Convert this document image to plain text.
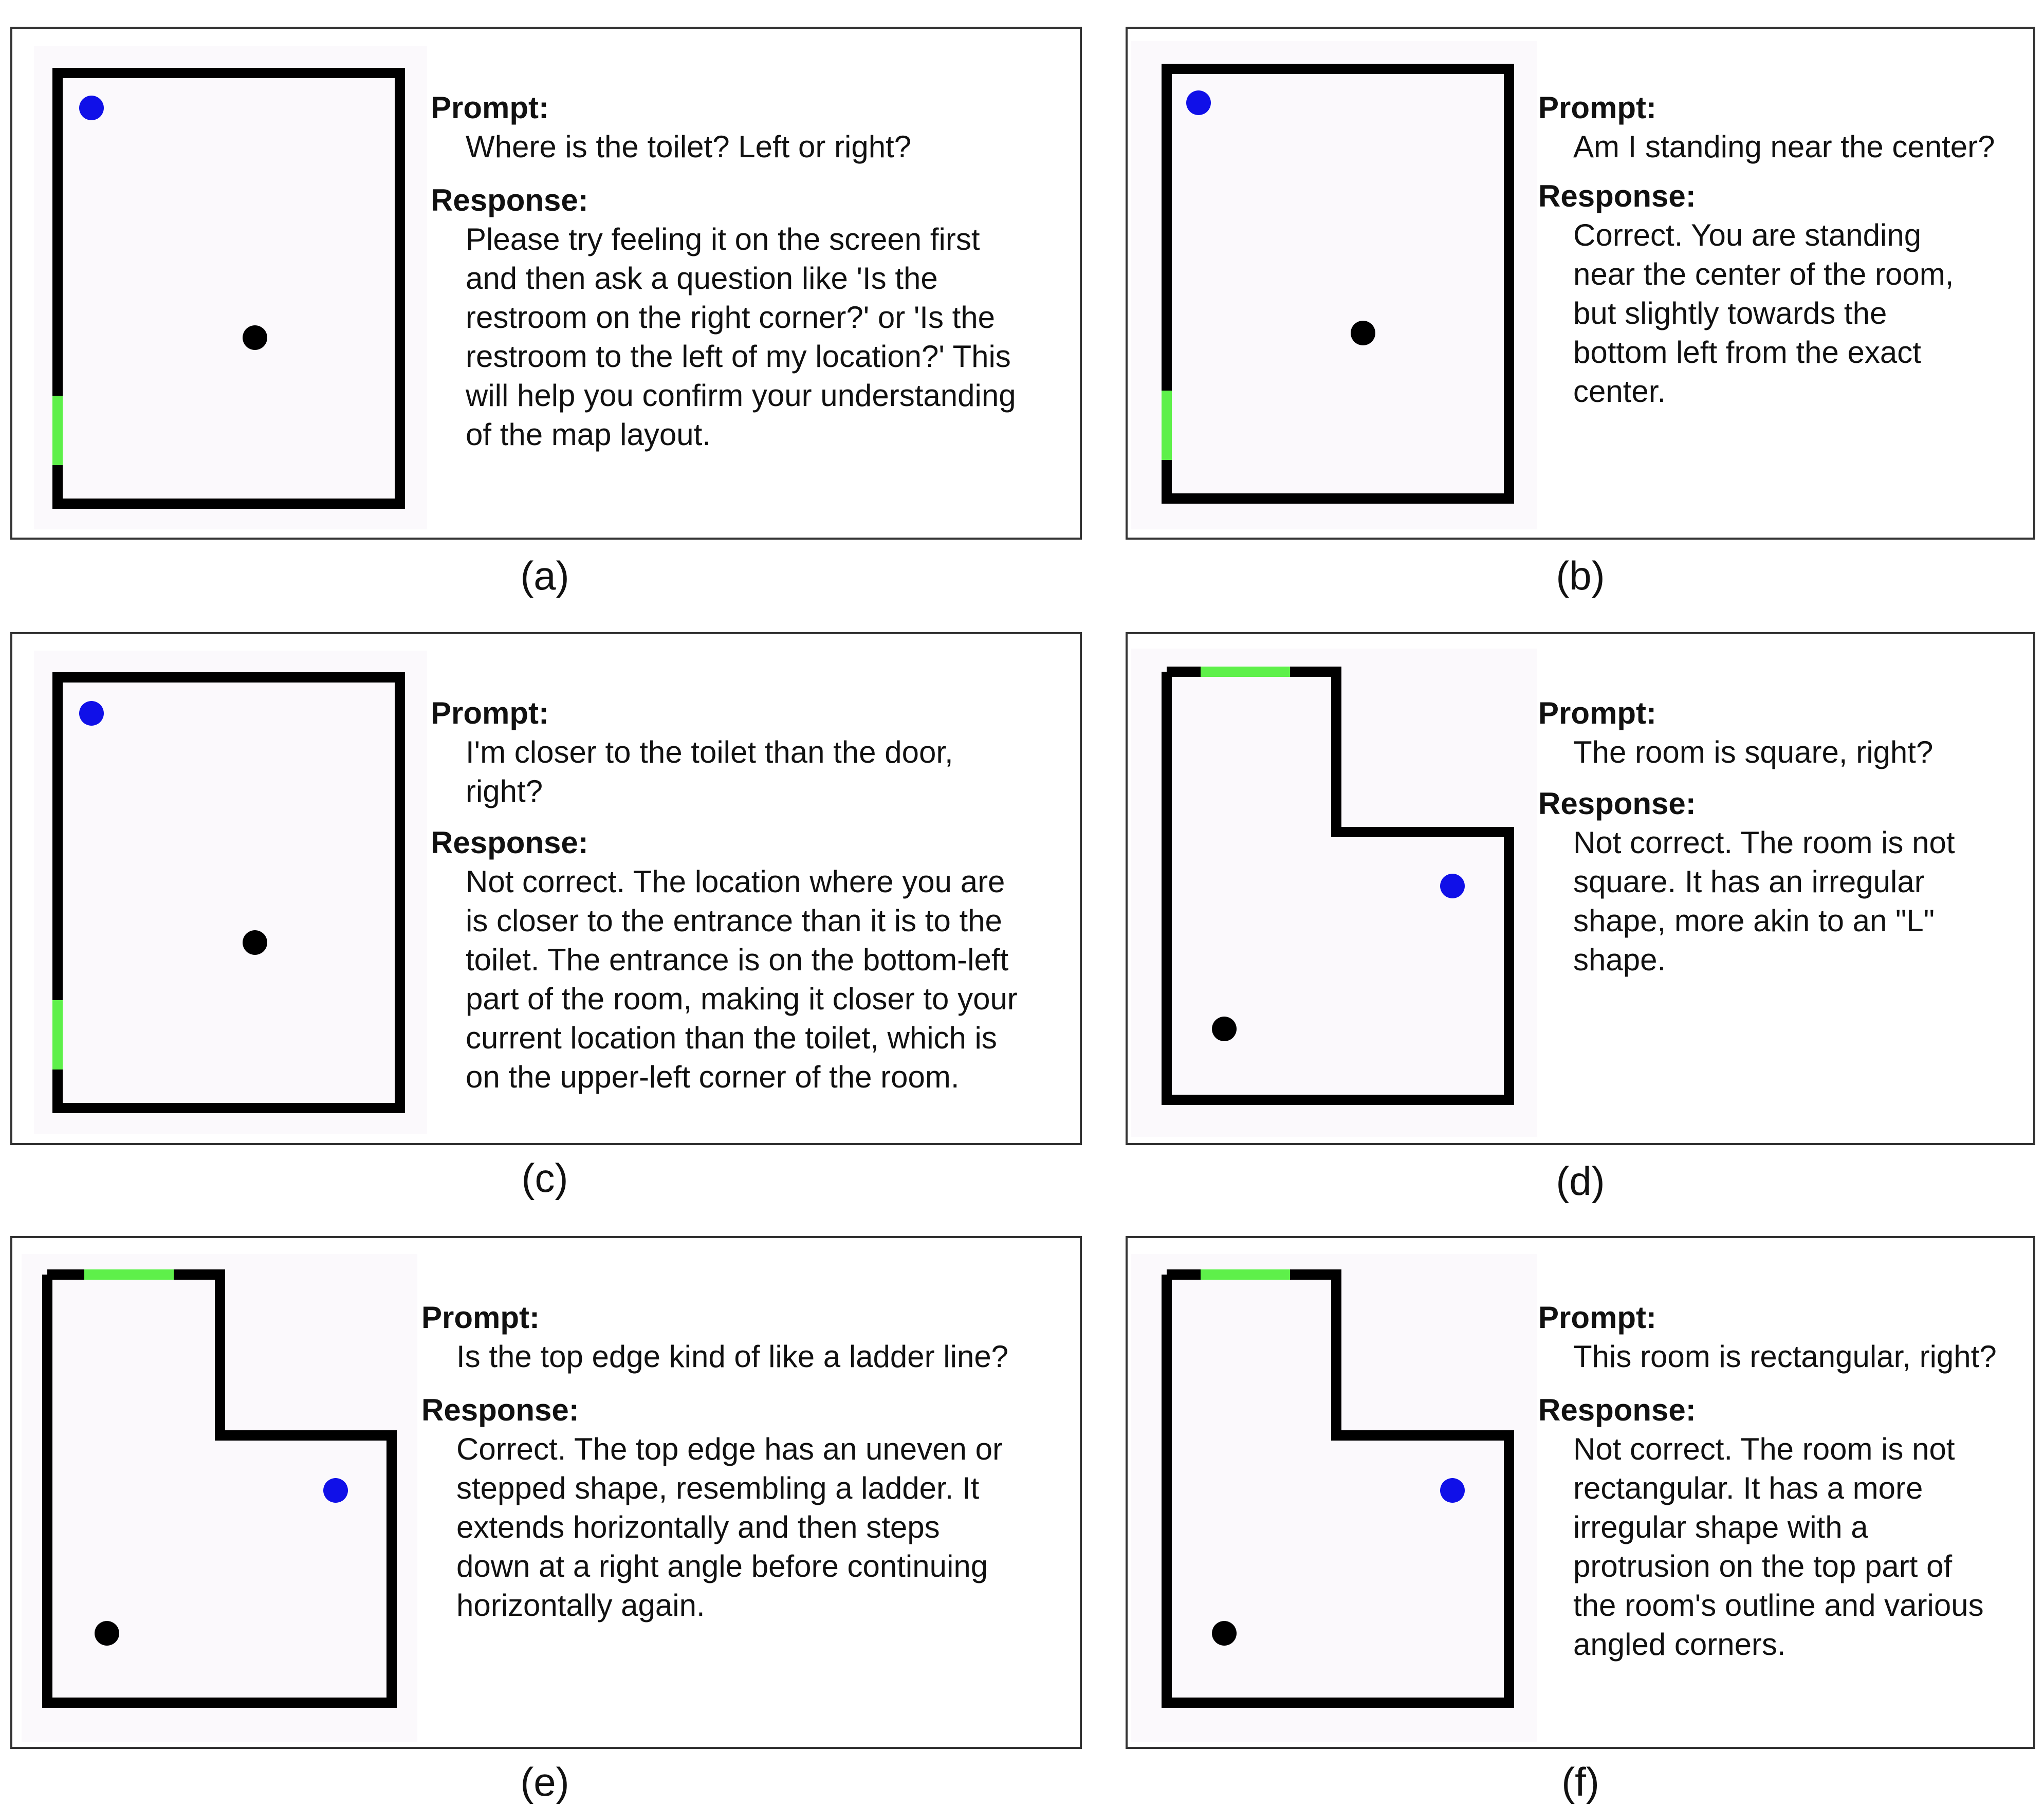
Prompt:
Where is the toilet? Left or right?
Response:
Please try feeling it on the screen first
and then ask a question like 'Is the
restroom on the right corner?' or 'Is the
restroom to the left of my location?' This
will help you confirm your understanding
of the map layout.
(a)
Prompt:
Am I standing near the center?
Response:
Correct. You are standing
near the center of the room,
but slightly towards the
bottom left from the exact
center.
(b)
Prompt:
I'm closer to the toilet than the door,
right?
Response:
Not correct. The location where you are
is closer to the entrance than it is to the
toilet. The entrance is on the bottom-left
part of the room, making it closer to your
current location than the toilet, which is
on the upper-left corner of the room.
(c)
Prompt:
The room is square, right?
Response:
Not correct. The room is not
square. It has an irregular
shape, more akin to an "L"
shape.
(d)
Prompt:
Is the top edge kind of like a ladder line?
Response:
Correct. The top edge has an uneven or
stepped shape, resembling a ladder. It
extends horizontally and then steps
down at a right angle before continuing
horizontally again.
(e)
Prompt:
This room is rectangular, right?
Response:
Not correct. The room is not
rectangular. It has a more
irregular shape with a
protrusion on the top part of
the room's outline and various
angled corners.
(f)
